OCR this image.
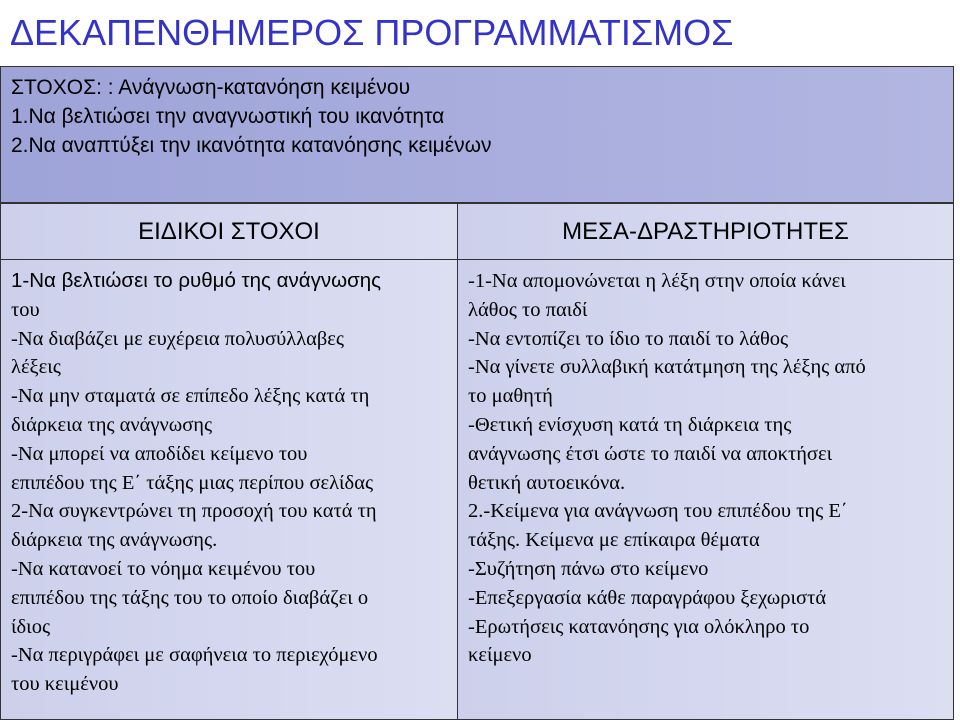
ΔΕΚΑΠΕΝΘΗΜΕΡΟΣ ΠΡΟΓΡΑΜΜΑΤΙΣΜΟΣ
ΣΤΟΧΟΣ: : Ανάγνωση-κατανόηση κειμένου
1.Να βελτιώσει την αναγνωστική του ικανότητα
2.Να αναπτύξει την ικανότητα κατανόησης κειμένων
ΕΙΔΙΚΟΙ ΣΤΟΧΟΙ
1-Να βελτιώσει το ρυθμό της ανάγνωσης
του
-Να διαβάζει με ευχέρεια πολυσύλλαβες
λέξεις
-Να μην σταματά σε επίπεδο λέξης κατά τη
διάρκεια της ανάγνωσης
-Να μπορεί να αποδίδει κείμενο του
επιπέδου της Ε΄ τάξης μιας περίπου σελίδας
2-Να συγκεντρώνει τη προσοχή του κατά τη
διάρκεια της ανάγνωσης.
-Να κατανοεί το νόημα κειμένου του
επιπέδου της τάξης του το οποίο διαβάζει ο
ίδιος
-Να περιγράφει με σαφήνεια το περιεχόμενο
του κειμένου
ΜΕΣΑ-ΔΡΑΣΤΗΡΙΟΤΗΤΕΣ
-1-Να απομονώνεται η λέξη στην οποία κάνει
λάθος το παιδί
-Να εντοπίζει το ίδιο το παιδί το λάθος
-Να γίνετε συλλαβική κατάτμηση της λέξης από
το μαθητή
-Θετική ενίσχυση κατά τη διάρκεια της
ανάγνωσης έτσι ώστε το παιδί να αποκτήσει
θετική αυτοεικόνα.
2.-Κείμενα για ανάγνωση του επιπέδου της Ε΄
τάξης. Κείμενα με επίκαιρα θέματα
-Συζήτηση πάνω στο κείμενο
-Επεξεργασία κάθε παραγράφου ξεχωριστά
-Ερωτήσεις κατανόησης για ολόκληρο το
κείμενο
